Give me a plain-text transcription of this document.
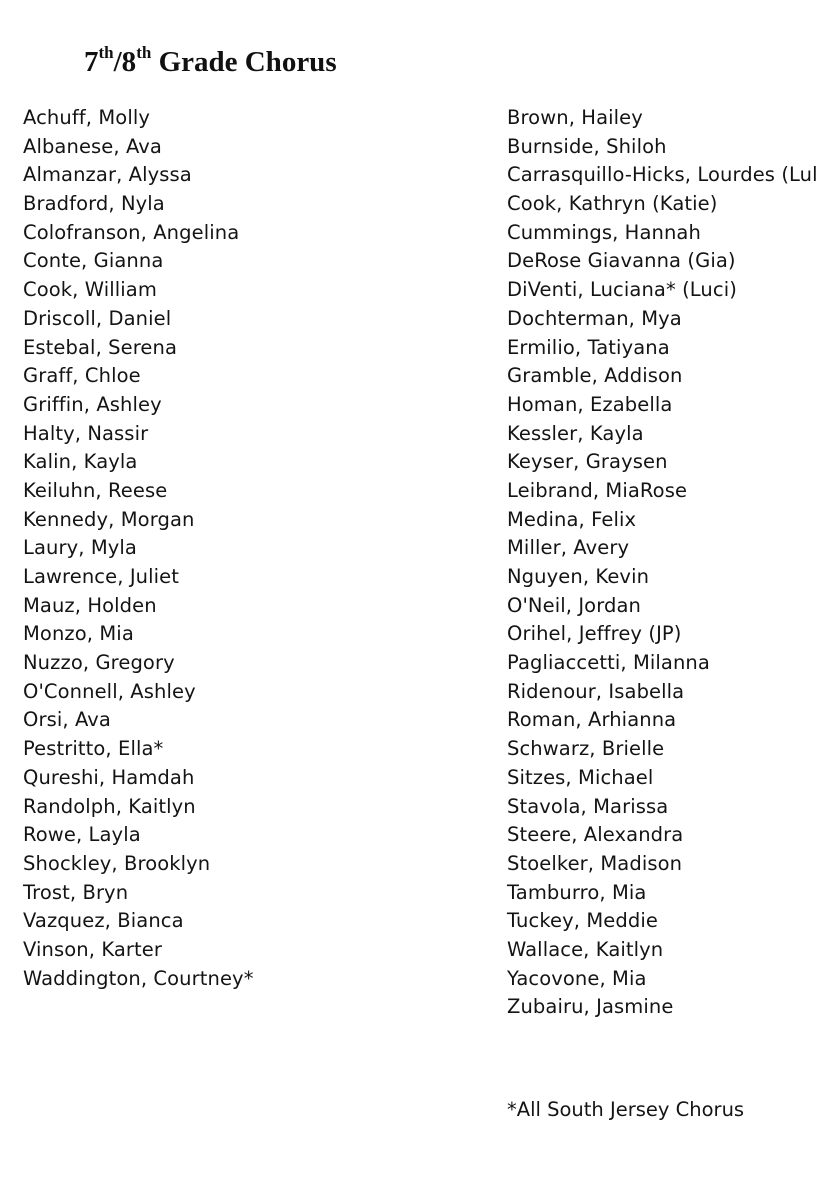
7th/8th Grade Chorus
Achuff, Molly
Albanese, Ava
Almanzar, Alyssa
Bradford, Nyla
Colofranson, Angelina
Conte, Gianna
Cook, William
Driscoll, Daniel
Estebal, Serena
Graff, Chloe
Griffin, Ashley
Halty, Nassir
Kalin, Kayla
Keiluhn, Reese
Kennedy, Morgan
Laury, Myla
Lawrence, Juliet
Mauz, Holden
Monzo, Mia
Nuzzo, Gregory
O'Connell, Ashley
Orsi, Ava
Pestritto, Ella*
Qureshi, Hamdah
Randolph, Kaitlyn
Rowe, Layla
Shockley, Brooklyn
Trost, Bryn
Vazquez, Bianca
Vinson, Karter
Waddington, Courtney*
Brown, Hailey
Burnside, Shiloh
Carrasquillo-Hicks, Lourdes (Lul
Cook, Kathryn (Katie)
Cummings, Hannah
DeRose Giavanna (Gia)
DiVenti, Luciana* (Luci)
Dochterman, Mya
Ermilio, Tatiyana
Gramble, Addison
Homan, Ezabella
Kessler, Kayla
Keyser, Graysen
Leibrand, MiaRose
Medina, Felix
Miller, Avery
Nguyen, Kevin
O'Neil, Jordan
Orihel, Jeffrey (JP)
Pagliaccetti, Milanna
Ridenour, Isabella
Roman, Arhianna
Schwarz, Brielle
Sitzes, Michael
Stavola, Marissa
Steere, Alexandra
Stoelker, Madison
Tamburro, Mia
Tuckey, Meddie
Wallace, Kaitlyn
Yacovone, Mia
Zubairu, Jasmine
*All South Jersey Chorus
